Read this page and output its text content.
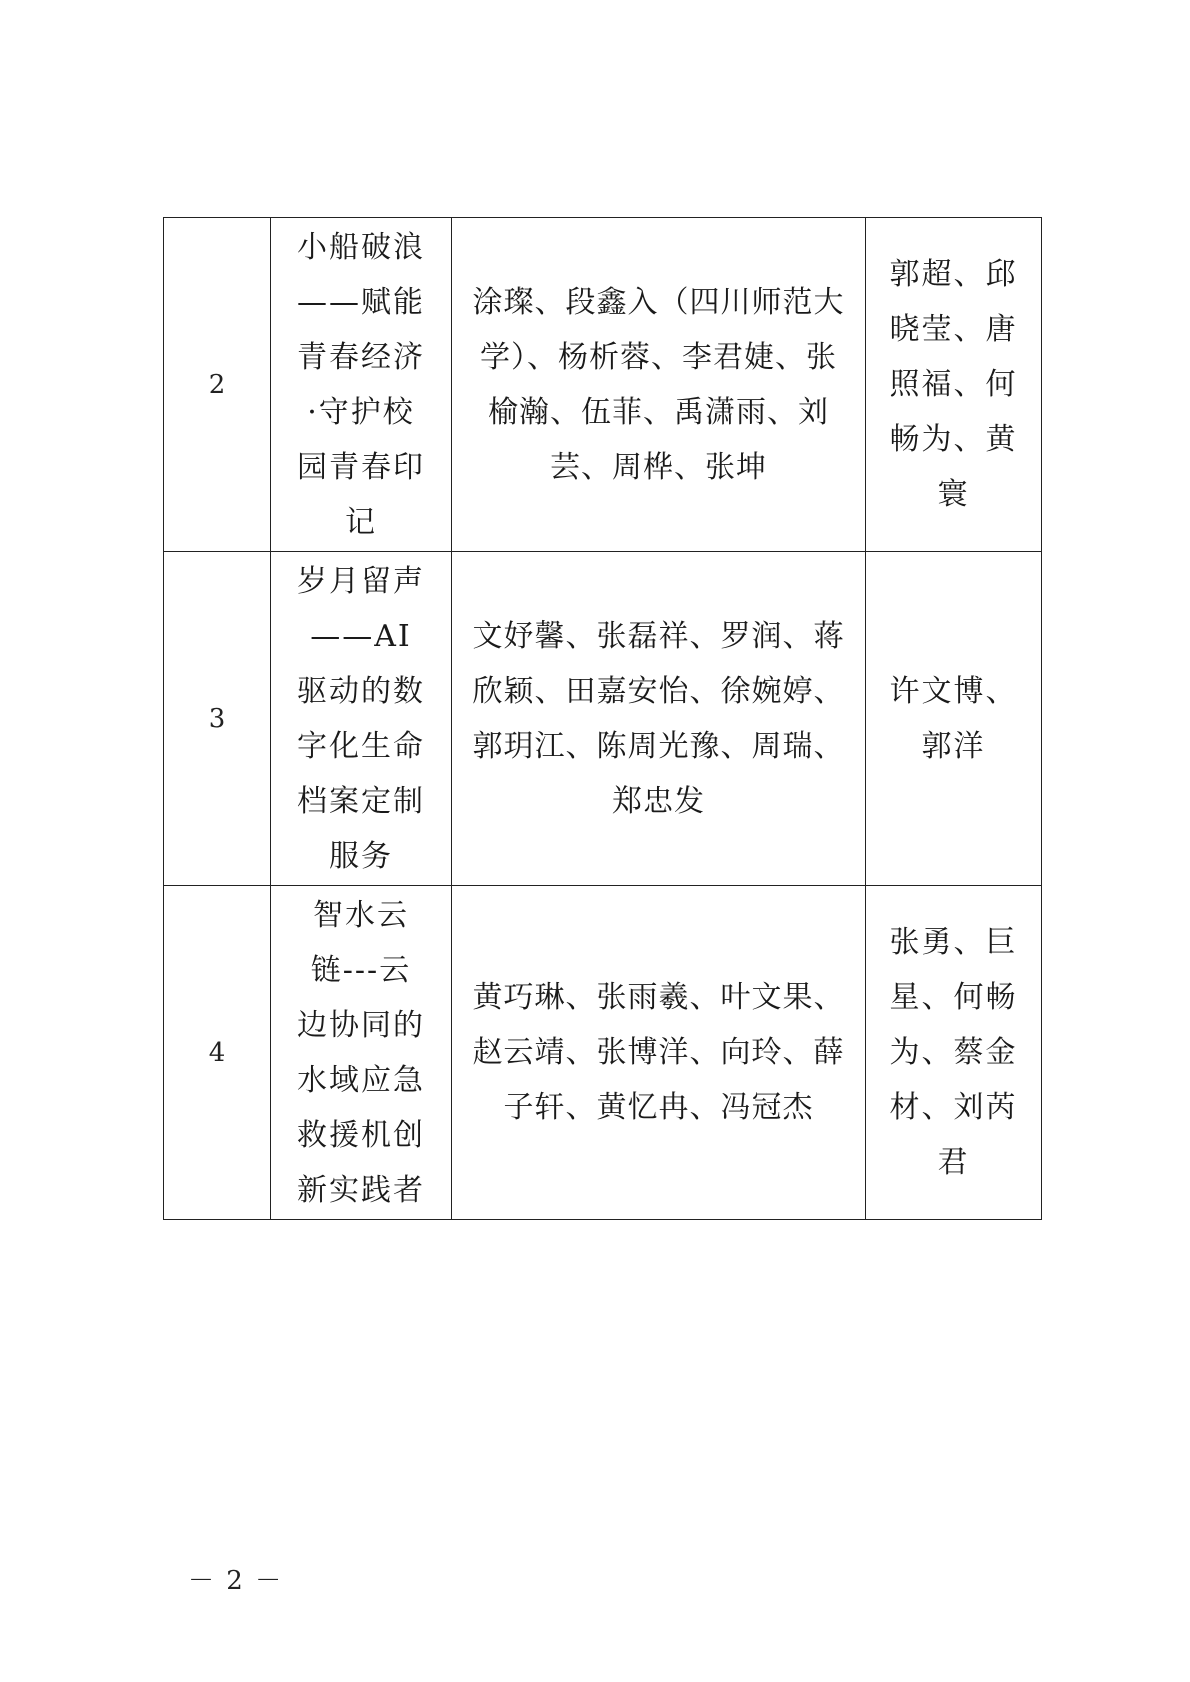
2	小船破浪——赋能青春经济·守护校园青春印记	涂璨、段鑫入（四川师范大学）、杨析蓉、李君婕、张榆瀚、伍菲、禹潇雨、刘芸、周桦、张坤	郭超、邱晓莹、唐照福、何畅为、黄寰
3	岁月留声——AI驱动的数字化生命档案定制服务	文妤馨、张磊祥、罗润、蒋欣颖、田嘉安怡、徐婉婷、郭玥江、陈周光豫、周瑞、郑忠发	许文博、郭洋
4	智水云链---云边协同的水域应急救援机创新实践者	黄巧琳、张雨羲、叶文果、赵云靖、张博洋、向玲、薛子轩、黄忆冉、冯冠杰	张勇、巨星、何畅为、蔡金材、刘芮君
－ 2 －
